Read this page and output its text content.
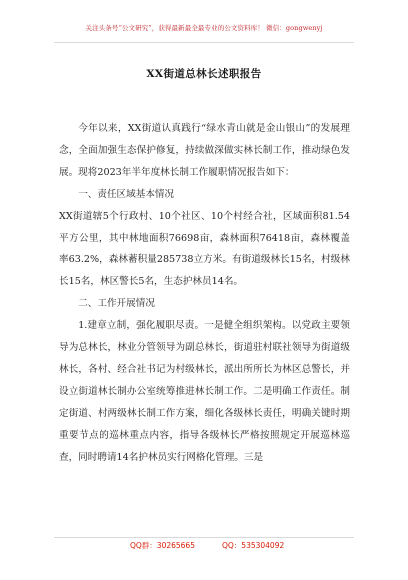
关注头条号“公文研究”，获得最新最全最专业的公文资料库！ 微信：gongwenyj
XX街道总林长述职报告

今年以来，XX街道认真践行“绿水青山就是金山银山”的发展理念，全面加强生态保护修复，持续做深做实林长制工作，推动绿色发展。现将2023年半年度林长制工作履职情况报告如下：

一、责任区域基本情况

XX街道辖5个行政村、10个社区、10个村经合社，区域面积81.54平方公里，其中林地面积76698亩，森林面积76418亩，森林覆盖率63.2%，森林蓄积量285738立方米。有街道级林长15名，村级林长15名，林区警长5名，生态护林员14名。

二、工作开展情况

1.建章立制，强化履职尽责。一是健全组织架构。以党政主要领导为总林长，林业分管领导为副总林长，街道驻村联社领导为街道级林长，各村、经合社书记为村级林长，派出所所长为林区总警长，并设立街道林长制办公室统筹推进林长制工作。二是明确工作责任。制定街道、村两级林长制工作方案，细化各级林长责任，明确关键时期重要节点的巡林重点内容，指导各级林长严格按照规定开展巡林巡查，同时聘请14名护林员实行网格化管理。三是

QQ群：30265665	QQ：535304092
